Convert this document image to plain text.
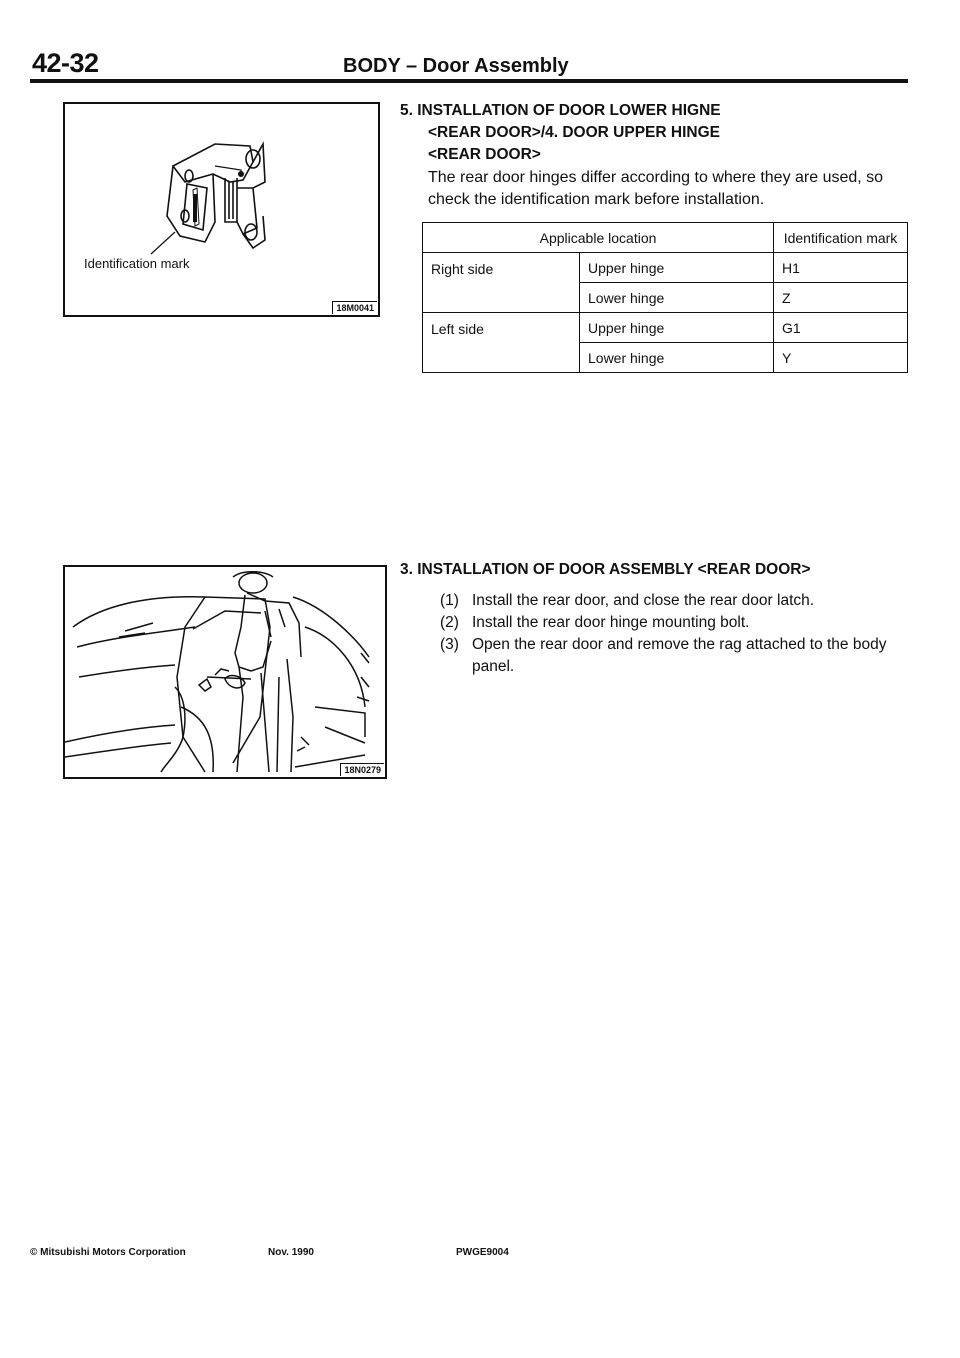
42-32	BODY – Door Assembly
Identification mark
18M0041
5. INSTALLATION OF DOOR LOWER HIGNE
<REAR DOOR>/4. DOOR UPPER HINGE
<REAR DOOR>
The rear door hinges differ according to where they are used, so check the identification mark before installation.
Applicable location		Identification mark
Right side	Upper hinge	H1
	Lower hinge	Z
Left side	Upper hinge	G1
	Lower hinge	Y
18N0279
3. INSTALLATION OF DOOR ASSEMBLY <REAR DOOR>
(1) Install the rear door, and close the rear door latch.
(2) Install the rear door hinge mounting bolt.
(3) Open the rear door and remove the rag attached to the body panel.
© Mitsubishi Motors Corporation	Nov. 1990	PWGE9004
